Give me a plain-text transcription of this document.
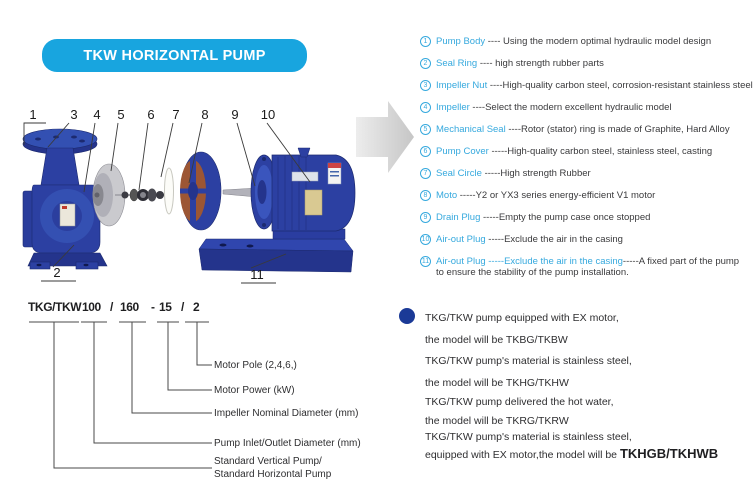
TKW HORIZONTAL PUMP
1	3 4 5 6 7 8 9 10
2	11
1 Pump Body ---- Using the modern optimal hydraulic model design
2 Seal Ring ---- high strength rubber parts
3 Impeller Nut ----High-quality carbon steel, corrosion-resistant stainless steel
4 Impeller ----Select the modern excellent hydraulic model
5 Mechanical Seal ----Rotor (stator) ring is made of Graphite, Hard Alloy
6 Pump Cover -----High-quality carbon steel, stainless steel, casting
7 Seal Circle -----High strength Rubber
8 Moto -----Y2 or YX3 series energy-efficient V1 motor
9 Drain Plug -----Empty the pump case once stopped
10 Air-out Plug -----Exclude the air in the casing
11 Air-out Plug -----Exclude the air in the casing-----A fixed part of the pump to ensure the stability of the pump installation.
TKG/TKW 100 / 160 - 15 / 2
Motor Pole (2,4,6,)
Motor Power (kW)
Impeller Nominal Diameter (mm)
Pump Inlet/Outlet Diameter (mm)
Standard Vertical Pump/
Standard Horizontal Pump
TKG/TKW pump equipped with EX motor,
the model will be TKBG/TKBW
TKG/TKW pump's material is stainless steel,
the model will be TKHG/TKHW
TKG/TKW pump delivered the hot water,
the model will be TKRG/TKRW
TKG/TKW pump's material is stainless steel,
equipped with EX motor,the model will be TKHGB/TKHWB
